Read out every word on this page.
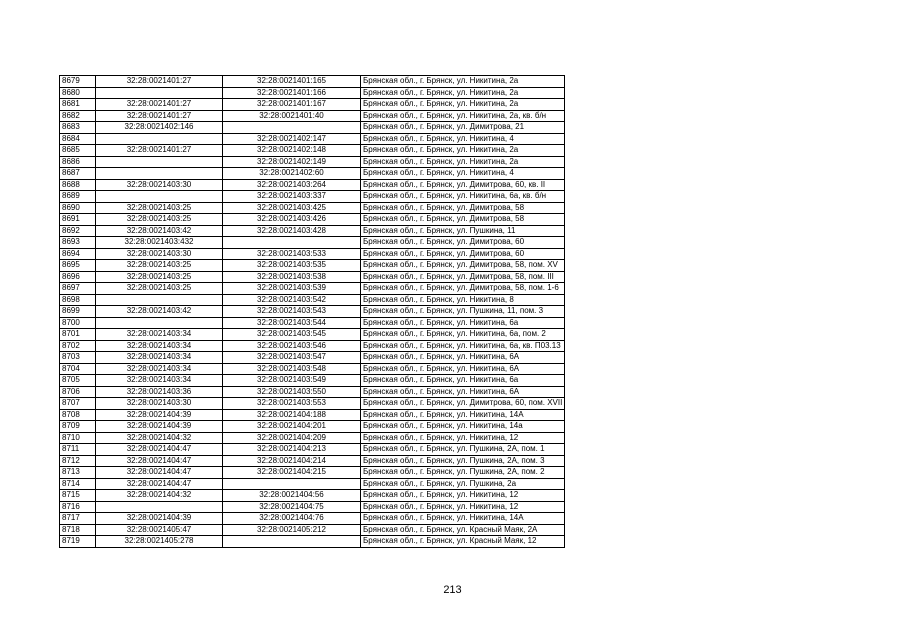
8679	32:28:0021401:27	32:28:0021401:165	Брянская обл., г. Брянск, ул. Никитина, 2а
8680		32:28:0021401:166	Брянская обл., г. Брянск, ул. Никитина, 2а
8681	32:28:0021401:27	32:28:0021401:167	Брянская обл., г. Брянск, ул. Никитина, 2а
8682	32:28:0021401:27	32:28:0021401:40	Брянская обл., г. Брянск, ул. Никитина, 2а, кв. б/н
8683	32:28:0021402:146		Брянская обл., г. Брянск, ул. Димитрова, 21
8684		32:28:0021402:147	Брянская обл., г. Брянск, ул. Никитина, 4
8685	32:28:0021401:27	32:28:0021402:148	Брянская обл., г. Брянск, ул. Никитина, 2а
8686		32:28:0021402:149	Брянская обл., г. Брянск, ул. Никитина, 2а
8687		32:28:0021402:60	Брянская обл., г. Брянск, ул. Никитина, 4
8688	32:28:0021403:30	32:28:0021403:264	Брянская обл., г. Брянск, ул. Димитрова, 60, кв. II
8689		32:28:0021403:337	Брянская обл., г. Брянск, ул. Никитина, 6а, кв. б/н
8690	32:28:0021403:25	32:28:0021403:425	Брянская обл., г. Брянск, ул. Димитрова, 58
8691	32:28:0021403:25	32:28:0021403:426	Брянская обл., г. Брянск, ул. Димитрова, 58
8692	32:28:0021403:42	32:28:0021403:428	Брянская обл., г. Брянск, ул. Пушкина, 11
8693	32:28:0021403:432		Брянская обл., г. Брянск, ул. Димитрова, 60
8694	32:28:0021403:30	32:28:0021403:533	Брянская обл., г. Брянск, ул. Димитрова, 60
8695	32:28:0021403:25	32:28:0021403:535	Брянская обл., г. Брянск, ул. Димитрова, 58, пом. XV
8696	32:28:0021403:25	32:28:0021403:538	Брянская обл., г. Брянск, ул. Димитрова, 58, пом. III
8697	32:28:0021403:25	32:28:0021403:539	Брянская обл., г. Брянск, ул. Димитрова, 58, пом. 1-6
8698		32:28:0021403:542	Брянская обл., г. Брянск, ул. Никитина, 8
8699	32:28:0021403:42	32:28:0021403:543	Брянская обл., г. Брянск, ул. Пушкина, 11, пом. 3
8700		32:28:0021403:544	Брянская обл., г. Брянск, ул. Никитина, 6а
8701	32:28:0021403:34	32:28:0021403:545	Брянская обл., г. Брянск, ул. Никитина, 6а, пом. 2
8702	32:28:0021403:34	32:28:0021403:546	Брянская обл., г. Брянск, ул. Никитина, 6а, кв. П03.13
8703	32:28:0021403:34	32:28:0021403:547	Брянская обл., г. Брянск, ул. Никитина, 6А
8704	32:28:0021403:34	32:28:0021403:548	Брянская обл., г. Брянск, ул. Никитина, 6А
8705	32:28:0021403:34	32:28:0021403:549	Брянская обл., г. Брянск, ул. Никитина, 6а
8706	32:28:0021403:36	32:28:0021403:550	Брянская обл., г. Брянск, ул. Никитина, 6А
8707	32:28:0021403:30	32:28:0021403:553	Брянская обл., г. Брянск, ул. Димитрова, 60, пом. XVII
8708	32:28:0021404:39	32:28:0021404:188	Брянская обл., г. Брянск, ул. Никитина, 14А
8709	32:28:0021404:39	32:28:0021404:201	Брянская обл., г. Брянск, ул. Никитина, 14а
8710	32:28:0021404:32	32:28:0021404:209	Брянская обл., г. Брянск, ул. Никитина, 12
8711	32:28:0021404:47	32:28:0021404:213	Брянская обл., г. Брянск, ул. Пушкина, 2А, пом. 1
8712	32:28:0021404:47	32:28:0021404:214	Брянская обл., г. Брянск, ул. Пушкина, 2А, пом. 3
8713	32:28:0021404:47	32:28:0021404:215	Брянская обл., г. Брянск, ул. Пушкина, 2А, пом. 2
8714	32:28:0021404:47		Брянская обл., г. Брянск, ул. Пушкина, 2а
8715	32:28:0021404:32	32:28:0021404:56	Брянская обл., г. Брянск, ул. Никитина, 12
8716		32:28:0021404:75	Брянская обл., г. Брянск, ул. Никитина, 12
8717	32:28:0021404:39	32:28:0021404:76	Брянская обл., г. Брянск, ул. Никитина, 14А
8718	32:28:0021405:47	32:28:0021405:212	Брянская обл., г. Брянск, ул. Красный Маяк, 2А
8719	32:28:0021405:278		Брянская обл., г. Брянск, ул. Красный Маяк, 12
213
